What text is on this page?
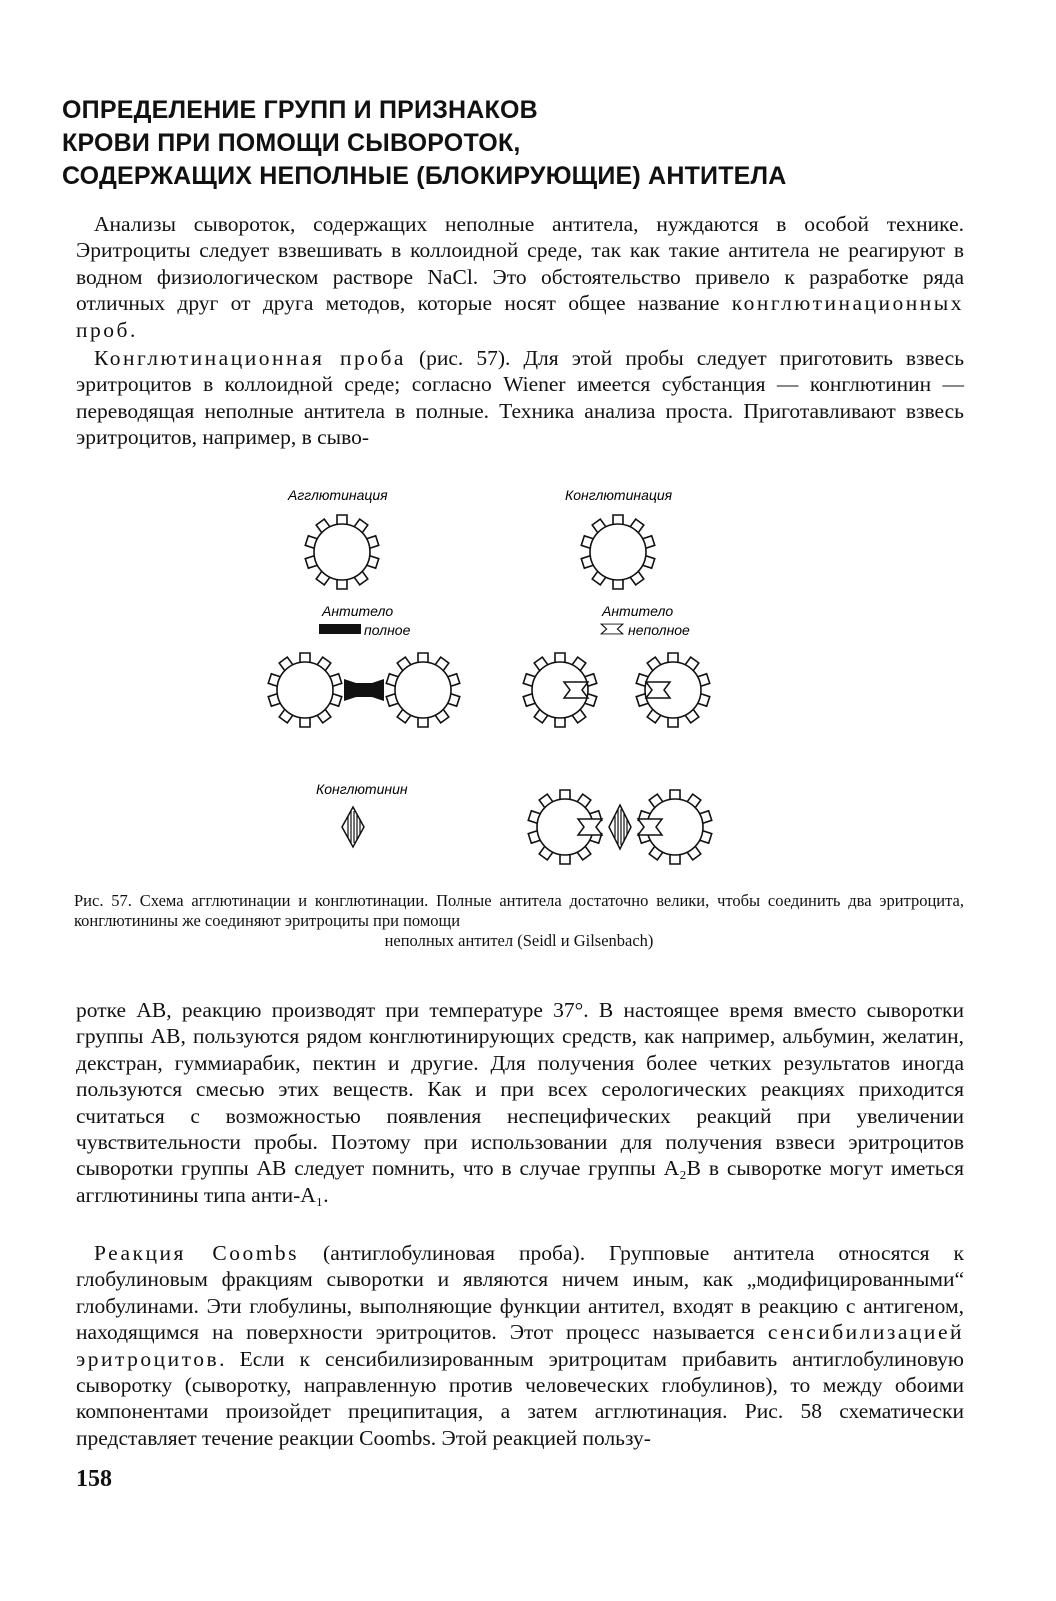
ОПРЕДЕЛЕНИЕ ГРУПП И ПРИЗНАКОВ
КРОВИ ПРИ ПОМОЩИ СЫВОРОТОК,
СОДЕРЖАЩИХ НЕПОЛНЫЕ (БЛОКИРУЮЩИЕ) АНТИТЕЛА

Анализы сывороток, содержащих неполные антитела, нуждаются в особой технике. Эритроциты следует взвешивать в коллоидной среде, так как такие антитела не реагируют в водном физиологическом растворе NaCl. Это обстоятельство привело к разработке ряда отличных друг от друга методов, которые носят общее название конглютинационных проб.

Конглютинационная проба (рис. 57). Для этой пробы следует приготовить взвесь эритроцитов в коллоидной среде; согласно Wiener имеется субстанция — конглютинин — переводящая неполные антитела в полные. Техника анализа проста. Приготавливают взвесь эритроцитов, например, в сыво-

Агглютинация	Конглютинация
Антитело
полное
Антитело
неполное
Конглютинин

Рис. 57. Схема агглютинации и конглютинации. Полные антитела достаточно велики, чтобы соединить два эритроцита, конглютинины же соединяют эритроциты при помощи
неполных антител (Seidl и Gilsenbach)

ротке АВ, реакцию производят при температуре 37°. В настоящее время вместо сыворотки группы АВ, пользуются рядом конглютинирующих средств, как например, альбумин, желатин, декстран, гуммиарабик, пектин и другие. Для получения более четких результатов иногда пользуются смесью этих веществ. Как и при всех серологических реакциях приходится считаться с возможностью появления неспецифических реакций при увеличении чувствительности пробы. Поэтому при использовании для получения взвеси эритроцитов сыворотки группы АВ следует помнить, что в случае группы A₂B в сыворотке могут иметься агглютинины типа анти-A₁.

Реакция Coombs (антиглобулиновая проба). Групповые антитела относятся к глобулиновым фракциям сыворотки и являются ничем иным, как „модифицированными“ глобулинами. Эти глобулины, выполняющие функции антител, входят в реакцию с антигеном, находящимся на поверхности эритроцитов. Этот процесс называется сенсибилизацией эритроцитов. Если к сенсибилизированным эритроцитам прибавить антиглобулиновую сыворотку (сыворотку, направленную против человеческих глобулинов), то между обоими компонентами произойдет преципитация, а затем агглютинация. Рис. 58 схематически представляет течение реакции Coombs. Этой реакцией пользу-

158
